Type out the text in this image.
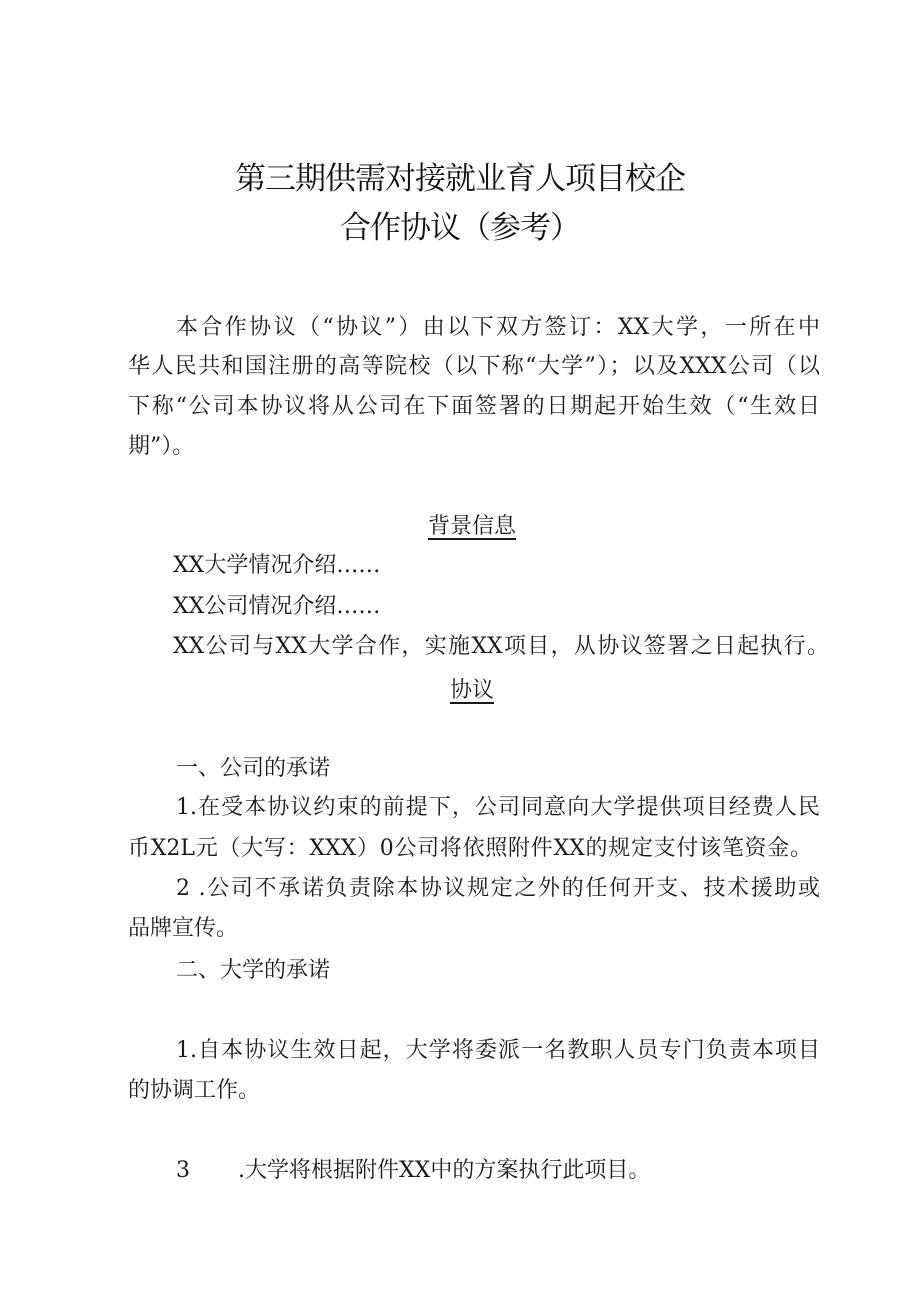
第三期供需对接就业育人项目校企
合作协议（参考）
本合作协议（“协议”）由以下双方签订：XX大学，一所在中
华人民共和国注册的高等院校（以下称“大学”）；以及XXX公司（以
下称“公司本协议将从公司在下面签署的日期起开始生效（“生效日
期”）。
背景信息
XX大学情况介绍……
XX公司情况介绍……
XX公司与XX大学合作，实施XX项目，从协议签署之日起执行。
协议
一、公司的承诺
1.在受本协议约束的前提下，公司同意向大学提供项目经费人民
币X2L元（大写：XXX）0公司将依照附件XX的规定支付该笔资金。
2 .公司不承诺负责除本协议规定之外的任何开支、技术援助或
品牌宣传。
二、大学的承诺
1.自本协议生效日起，大学将委派一名教职人员专门负责本项目
的协调工作。
3 .大学将根据附件XX中的方案执行此项目。
